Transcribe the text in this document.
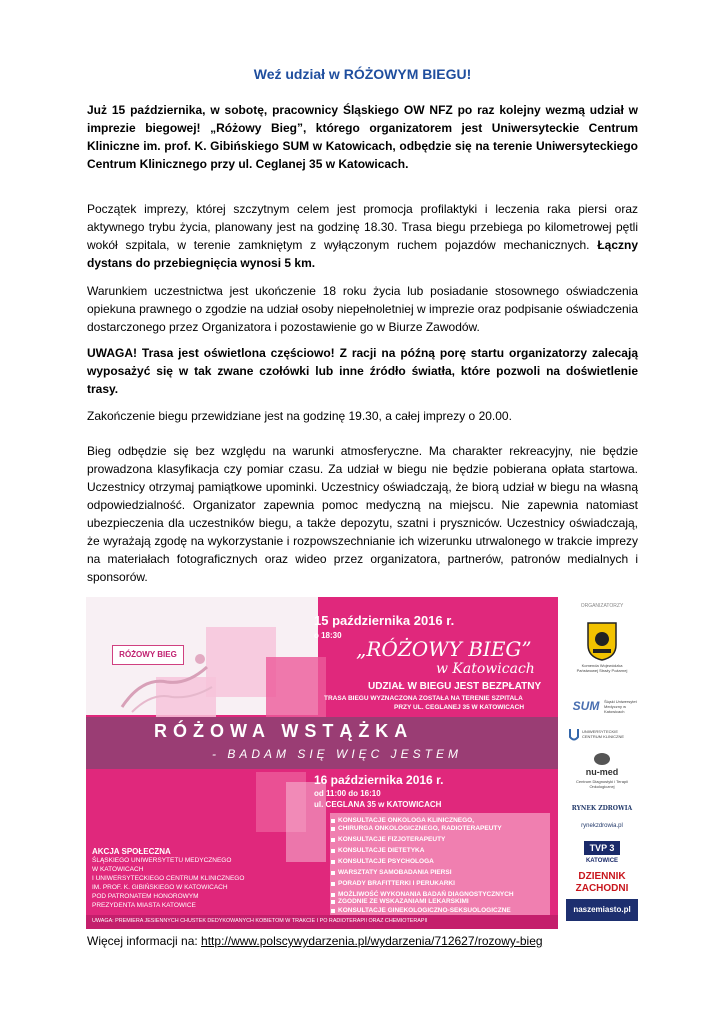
Weź udział w RÓŻOWYM BIEGU!

Już 15 października, w sobotę, pracownicy Śląskiego OW NFZ po raz kolejny wezmą udział w imprezie biegowej! „Różowy Bieg”, którego organizatorem jest Uniwersyteckie Centrum Kliniczne im. prof. K. Gibińskiego SUM w Katowicach, odbędzie się na terenie Uniwersyteckiego Centrum Klinicznego przy ul. Ceglanej 35 w Katowicach.

Początek imprezy, której szczytnym celem jest promocja profilaktyki i leczenia raka piersi oraz aktywnego trybu życia, planowany jest na godzinę 18.30. Trasa biegu przebiega po kilometrowej pętli wokół szpitala, w terenie zamkniętym z wyłączonym ruchem pojazdów mechanicznych. Łączny dystans do przebiegnięcia wynosi 5 km.

Warunkiem uczestnictwa jest ukończenie 18 roku życia lub posiadanie stosownego oświadczenia opiekuna prawnego o zgodzie na udział osoby niepełnoletniej w imprezie oraz podpisanie oświadczenia dostarczonego przez Organizatora i pozostawienie go w Biurze Zawodów.

UWAGA! Trasa jest oświetlona częściowo! Z racji na późną porę startu organizatorzy zalecają wyposażyć się w tak zwane czołówki lub inne źródło światła, które pozwoli na doświetlenie trasy.

Zakończenie biegu przewidziane jest na godzinę 19.30, a całej imprezy o 20.00.

Bieg odbędzie się bez względu na warunki atmosferyczne. Ma charakter rekreacyjny, nie będzie prowadzona klasyfikacja czy pomiar czasu. Za udział w biegu nie będzie pobierana opłata startowa. Uczestnicy otrzymaj pamiątkowe upominki. Uczestnicy oświadczają, że biorą udział w biegu na własną odpowiedzialność. Organizator zapewnia pomoc medyczną na miejscu. Nie zapewnia natomiast ubezpieczenia dla uczestników biegu, a także depozytu, szatni i pryszniców. Uczestnicy oświadczają, że wyrażają zgodę na wykorzystanie i rozpowszechnianie ich wizerunku utrwalonego w trakcie imprezy na materiałach fotograficznych oraz wideo przez organizatora, partnerów, patronów medialnych i sponsorów.

RÓŻOWY BIEG
15 października 2016 r.
o 18:30
„RÓŻOWY BIEG”
w Katowicach
UDZIAŁ W BIEGU JEST BEZPŁATNY
TRASA BIEGU WYZNACZONA ZOSTAŁA NA TERENIE SZPITALA
PRZY UL. CEGLANEJ 35 W KATOWICACH
RÓŻOWA WSTĄŻKA
- BADAM SIĘ WIĘC JESTEM
16 października 2016 r.
od 11:00 do 16:10
ul. CEGLANA 35 w KATOWICACH
KONSULTACJE ONKOLOGA KLINICZNEGO,
CHIRURGA ONKOLOGICZNEGO, RADIOTERAPEUTY
KONSULTACJE FIZJOTERAPEUTY
KONSULTACJE DIETETYKA
KONSULTACJE PSYCHOLOGA
WARSZTATY SAMOBADANIA PIERSI
PORADY BRAFITTERKI I PERUKARKI
MOŻLIWOŚĆ WYKONANIA BADAŃ DIAGNOSTYCZNYCH
ZGODNIE ZE WSKAZANIAMI LEKARSKIMI
KONSULTACJE GINEKOLOGICZNO-SEKSUOLOGICZNE
AKCJA SPOŁECZNA
ŚLĄSKIEGO UNIWERSYTETU MEDYCZNEGO
W KATOWICACH
I UNIWERSYTECKIEGO CENTRUM KLINICZNEGO
IM. PROF. K. GIBIŃSKIEGO W KATOWICACH
POD PATRONATEM HONOROWYM
PREZYDENTA MIASTA KATOWICE
UWAGA: PREMIERA JESIENNYCH CHUSTEK DEDYKOWANYCH KOBIETOM W TRAKCIE I PO RADIOTERAPII ORAZ CHEMIOTERAPII
ORGANIZATORZY
Komenda Wojewódzka
Państwowej Straży Pożarnej
SUM	Śląski Uniwersytet Medyczny w Katowicach
UNIWERSYTECKIE CENTRUM KLINICZNE
nu-med
Centrum Diagnostyki i Terapii Onkologicznej
RYNEK ZDROWIA
rynekzdrowia.pl
TVP 3
KATOWICE
DZIENNIK
ZACHODNI
naszemiasto.pl
Więcej informacji na: http://www.polscywydarzenia.pl/wydarzenia/712627/rozowy-bieg
